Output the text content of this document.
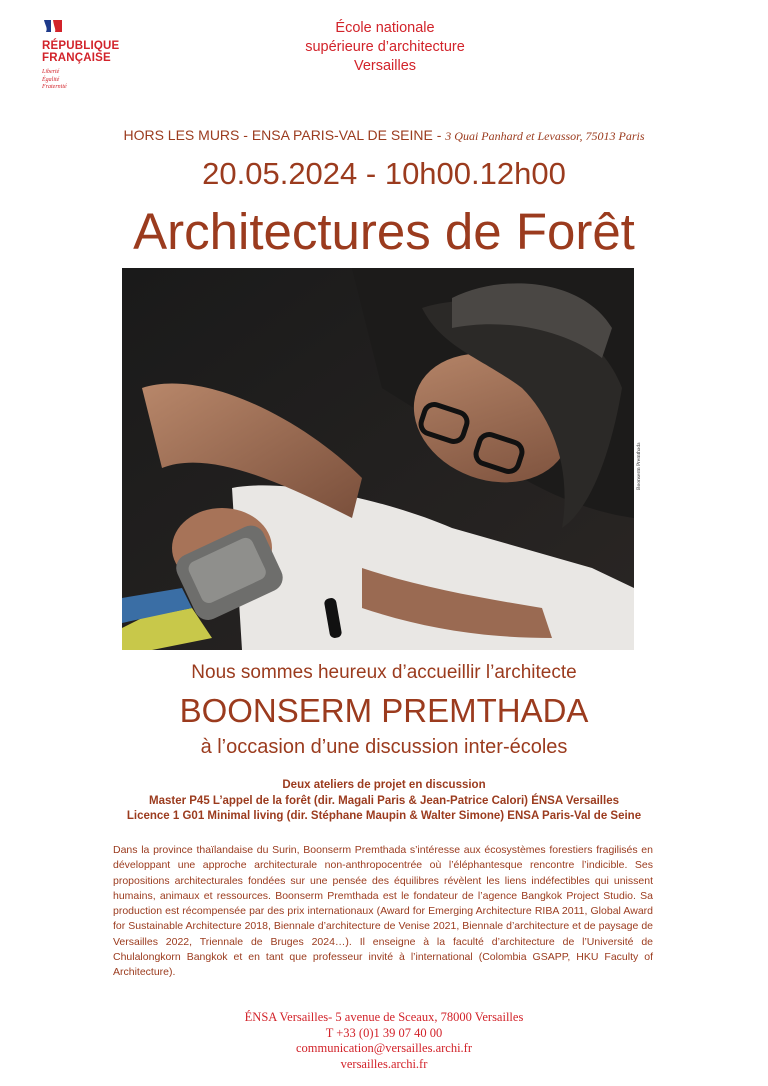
RÉPUBLIQUE
FRANÇAISE
Liberté
Égalité
Fraternité
École nationale
supérieure d’architecture
Versailles
HORS LES MURS - ENSA PARIS-VAL DE SEINE - 3 Quai Panhard et Levassor, 75013 Paris
20.05.2024 - 10h00.12h00
Architectures de Forêt
Boonserm Premthada
Nous sommes heureux d’accueillir l’architecte
BOONSERM PREMTHADA
à l’occasion d’une discussion inter-écoles
Deux ateliers de projet en discussion
Master P45 L’appel de la forêt (dir. Magali Paris & Jean-Patrice Calori) ÉNSA Versailles
Licence 1 G01 Minimal living (dir. Stéphane Maupin & Walter Simone) ENSA Paris-Val de Seine
Dans la province thaïlandaise du Surin, Boonserm Premthada s’intéresse aux écosystèmes forestiers fragilisés en développant une approche architecturale non-anthropocentrée où l’éléphantesque rencontre l’indicible. Ses propositions architecturales fondées sur une pensée des équilibres révèlent les liens indéfectibles qui unissent humains, animaux et ressources. Boonserm Premthada est le fondateur de l’agence Bangkok Project Studio. Sa production est récompensée par des prix internationaux (Award for Emerging Architecture RIBA 2011, Global Award for Sustainable Architecture 2018, Biennale d’architecture de Venise 2021, Biennale d’architecture et de paysage de Versailles 2022, Triennale de Bruges 2024…). Il enseigne à la faculté d’architecture de l’Université de Chulalongkorn Bangkok et en tant que professeur invité à l’international (Colombia GSAPP, HKU Faculty of Architecture).
ÉNSA Versailles- 5 avenue de Sceaux, 78000 Versailles
T +33 (0)1 39 07 40 00
communication@versailles.archi.fr
versailles.archi.fr
